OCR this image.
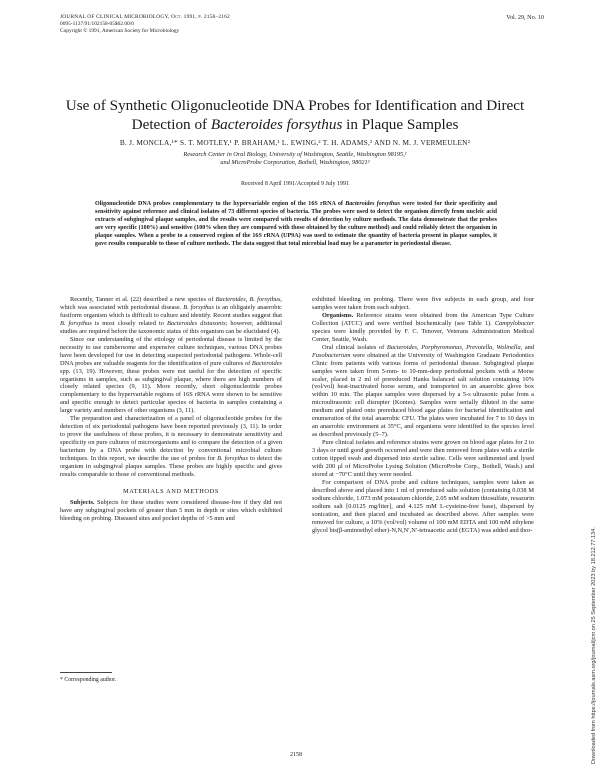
JOURNAL OF CLINICAL MICROBIOLOGY, Oct. 1991, p. 2158–2162
0095-1137/91/102158-05$02.00/0
Copyright © 1991, American Society for Microbiology
Vol. 29, No. 10
Use of Synthetic Oligonucleotide DNA Probes for Identification and Direct Detection of Bacteroides forsythus in Plaque Samples
B. J. MONCLA,¹* S. T. MOTLEY,¹ P. BRAHAM,¹ L. EWING,² T. H. ADAMS,² AND N. M. J. VERMEULEN²
Research Center in Oral Biology, University of Washington, Seattle, Washington 98195,¹
and MicroProbe Corporation, Bothell, Washington, 98021²
Received 8 April 1991/Accepted 9 July 1991

Oligonucleotide DNA probes complementary to the hypervariable region of the 16S rRNA of Bacteroides forsythus were tested for their specificity and sensitivity against reference and clinical isolates of 73 different species of bacteria. The probes were used to detect the organism directly from nucleic acid extracts of subgingival plaque samples, and the results were compared with results of detection by culture methods. The data demonstrate that the probes are very specific (100%) and sensitive (100% when they are compared with those obtained by the culture method) and could reliably detect the organism in plaque samples. When a probe to a conserved region of the 16S rRNA (UP9A) was used to estimate the quantity of bacteria present in plaque samples, it gave results comparable to those of culture methods. The data suggest that total microbial load may be a parameter in periodontal disease.

Recently, Tanner et al. (22) described a new species of Bacteroides, B. forsythus, which was associated with periodontal disease. B. forsythus is an obligately anaerobic fusiform organism which is difficult to culture and identify. Recent studies suggest that B. forsythus is most closely related to Bacteroides distasonis; however, additional studies are required before the taxonomic status of this organism can be elucidated (4).

Since our understanding of the etiology of periodontal disease is limited by the necessity to use cumbersome and expensive culture techniques, various DNA probes have been developed for use in detecting suspected periodontal pathogens. Whole-cell DNA probes are valuable reagents for the identification of pure cultures of Bacteroides spp. (13, 19). However, these probes were not useful for the detection of specific organisms in samples, such as subgingival plaque, where there are high numbers of closely related species (9, 11). More recently, short oligonucleotide probes complementary to the hypervariable regions of 16S rRNA were shown to be sensitive and specific enough to detect particular species of bacteria in samples containing a large variety and numbers of other organisms (3, 11).

The preparation and characterization of a panel of oligonucleotide probes for the detection of six periodontal pathogens have been reported previously (3, 11). In order to prove the usefulness of these probes, it is necessary to demonstrate sensitivity and specificity on pure cultures of microorganisms and to compare the detection of a given bacterium by a DNA probe with detection by conventional microbial culture techniques. In this report, we describe the use of probes for B. forsythus to detect the organism in subgingival plaque samples. These probes are highly specific and gives results comparable to those of conventional methods.

MATERIALS AND METHODS

Subjects. Subjects for these studies were considered disease-free if they did not have any subgingival pockets of greater than 5 mm in depth or sites which exhibited bleeding on probing. Diseased sites and pocket depths of >5 mm and

exhibited bleeding on probing. There were five subjects in each group, and four samples were taken from each subject.

Organisms. Reference strains were obtained from the American Type Culture Collection (ATCC) and were verified biochemically (see Table 1). Campylobacter species were kindly provided by F. C. Tenover, Veterans Administration Medical Center, Seattle, Wash.

Oral clinical isolates of Bacteroides, Porphyromonas, Prevotella, Wolinella, and Fusobacterium were obtained at the University of Washington Graduate Periodontics Clinic from patients with various forms of periodontal disease. Subgingival plaque samples were taken from 5-mm- to 10-mm-deep periodontal pockets with a Morse scaler, placed in 2 ml of prereduced Hanks balanced salt solution containing 10% (vol/vol) heat-inactivated horse serum, and transported to an anaerobic glove box within 10 min. The plaque samples were dispersed by a 5-s ultrasonic pulse from a microultrasonic cell disrupter (Kontes). Samples were serially diluted in the same medium and plated onto prereduced blood agar plates for bacterial identification and enumeration of the total anaerobic CFU. The plates were incubated for 7 to 10 days in an anaerobic environment at 35°C, and organisms were identified to the species level as described previously (5–7).

Pure clinical isolates and reference strains were grown on blood agar plates for 2 to 3 days or until good growth occurred and were then removed from plates with a sterile cotton tipped swab and dispersed into sterile saline. Cells were sedimented and lysed with 200 μl of MicroProbe Lysing Solution (MicroProbe Corp., Bothell, Wash.) and stored at −70°C until they were needed.

For comparison of DNA probe and culture techniques, samples were taken as described above and placed into 1 ml of prereduced salts solution (containing 0.038 M sodium chloride, 1.073 mM potassium chloride, 2.05 mM sodium thiosulfate, resazurin sodium salt [0.0125 mg/liter], and 4.125 mM L-cysteine-free base), dispersed by sonication, and then placed and incubated as described above. After samples were removed for culture, a 10% (vol/vol) volume of 100 mM EDTA and 100 mM ethylene glycol bis(β-aminoethyl ether)-N,N,N′,N′-tetraacetic acid (EGTA) was added and thor-

* Corresponding author.
2158	Downloaded from https://journals.asm.org/journal/jcm on 25 September 2023 by 18.212.77.134.
